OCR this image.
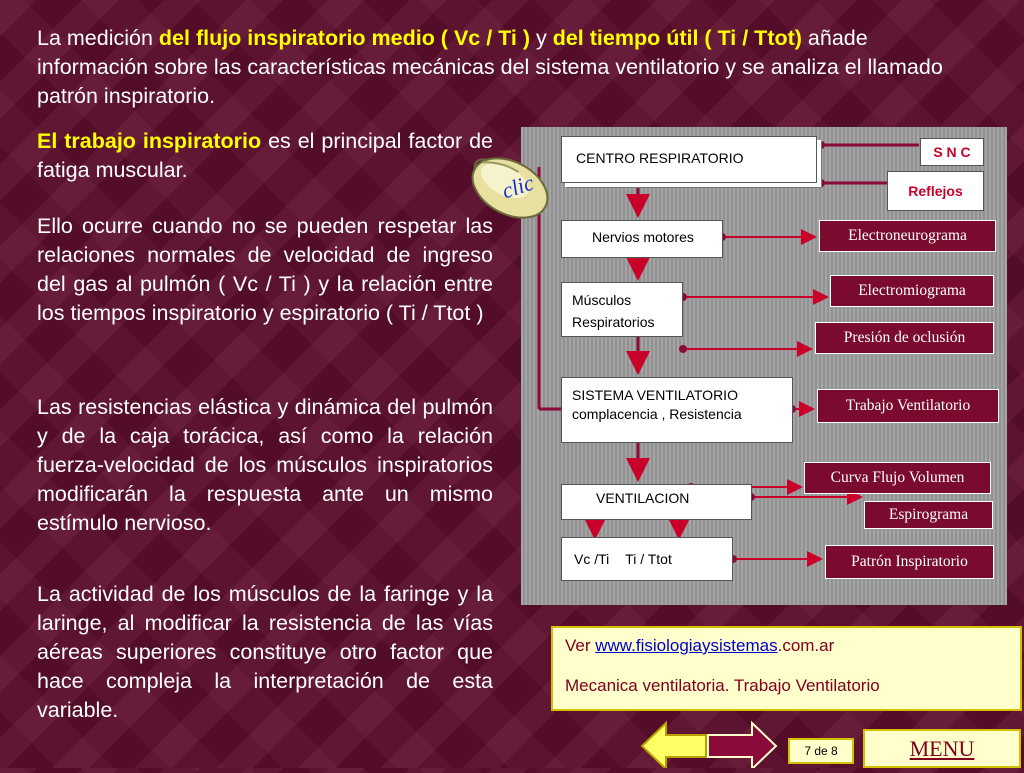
La medición del flujo inspiratorio medio ( Vc / Ti ) y del tiempo útil ( Ti / Ttot) añade información sobre las características mecánicas del sistema ventilatorio y se analiza el llamado patrón inspiratorio.
El trabajo inspiratorio es el principal factor de fatiga muscular.
Ello ocurre cuando no se pueden respetar las relaciones normales de velocidad de ingreso del gas al pulmón ( Vc / Ti ) y la relación entre los tiempos inspiratorio y espiratorio ( Ti / Ttot )
Las resistencias elástica y dinámica del pulmón y de la caja torácica, así como la relación fuerza-velocidad de los músculos inspiratorios modificarán la respuesta ante un mismo estímulo nervioso.
La actividad de los músculos de la faringe y la laringe, al modificar la resistencia de las vías aéreas superiores constituye otro factor que hace compleja la interpretación de esta variable.
CENTRO RESPIRATORIO	S N C
Reflejos
Nervios motores
Músculos
Respiratorios
SISTEMA VENTILATORIO
complacencia , Resistencia
VENTILACION
Vc /Ti Ti / Ttot
Electroneurograma
Electromiograma
Presión de oclusión
Trabajo Ventilatorio
Curva Flujo Volumen
Espirograma
Patrón Inspiratorio
clic
Ver www.fisiologiaysistemas.com.ar
Mecanica ventilatoria. Trabajo Ventilatorio
7 de 8	MENU
